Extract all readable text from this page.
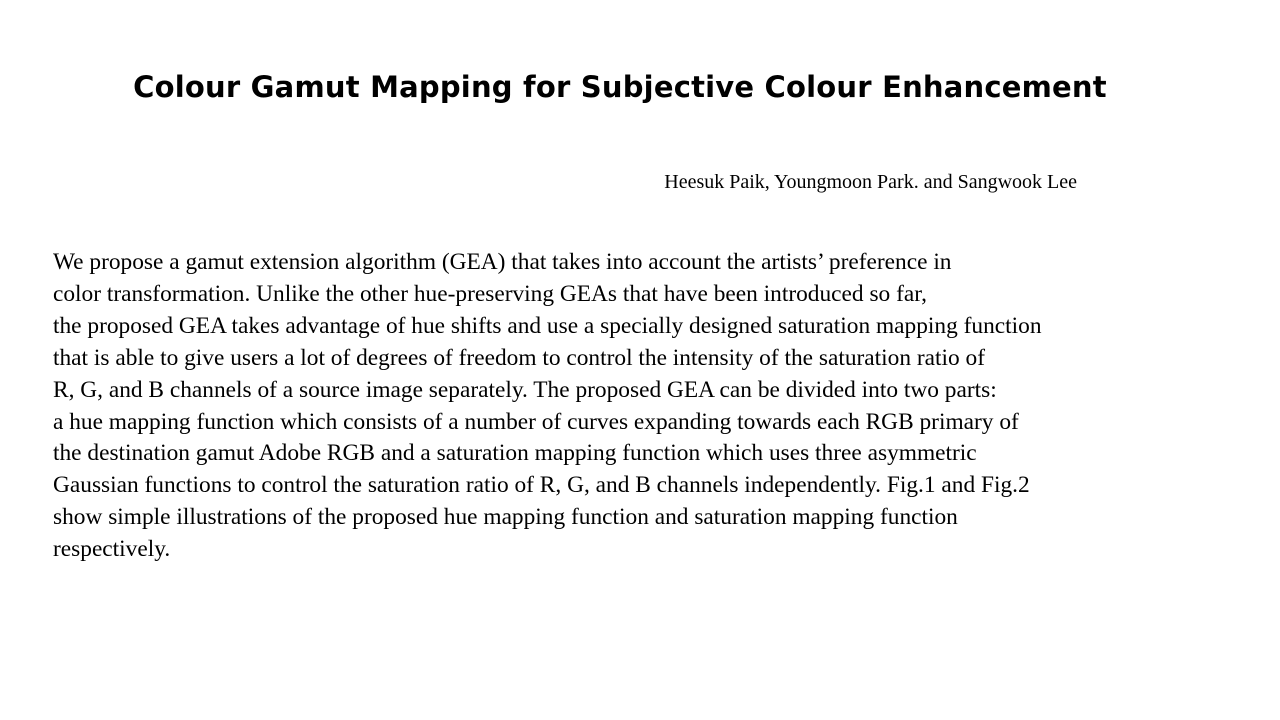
Colour Gamut Mapping for Subjective Colour Enhancement
Heesuk Paik, Youngmoon Park. and Sangwook Lee
We propose a gamut extension algorithm (GEA) that takes into account the artists’ preference in
color transformation. Unlike the other hue-preserving GEAs that have been introduced so far,
the proposed GEA takes advantage of hue shifts and use a specially designed saturation mapping function
that is able to give users a lot of degrees of freedom to control the intensity of the saturation ratio of
R, G, and B channels of a source image separately. The proposed GEA can be divided into two parts:
a hue mapping function which consists of a number of curves expanding towards each RGB primary of
the destination gamut Adobe RGB and a saturation mapping function which uses three asymmetric
Gaussian functions to control the saturation ratio of R, G, and B channels independently. Fig.1 and Fig.2
show simple illustrations of the proposed hue mapping function and saturation mapping function
respectively.
